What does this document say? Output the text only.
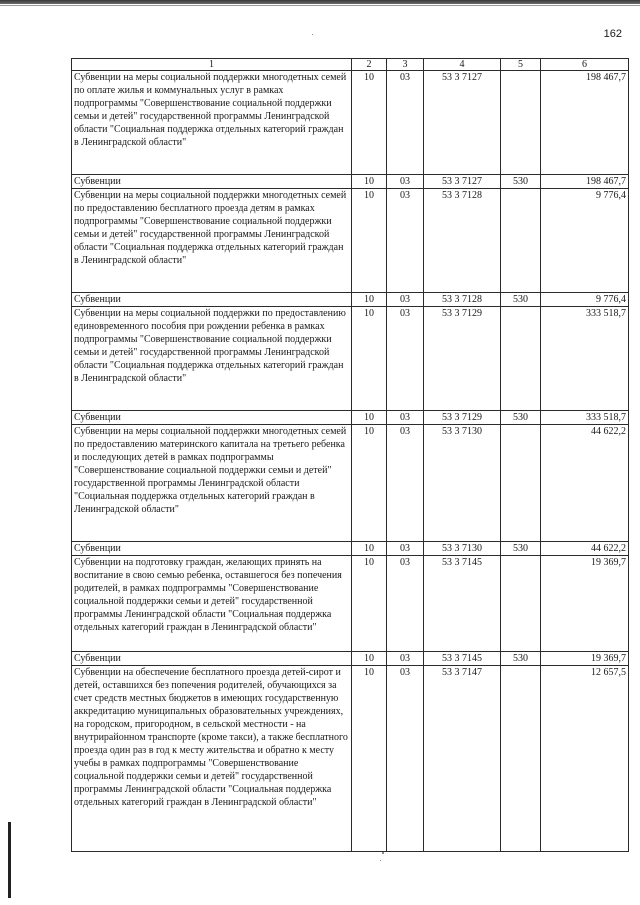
162
1	2	3	4	5	6
Субвенции на меры социальной поддержки многодетных семей по оплате жилья и коммунальных услуг в рамках подпрограммы "Совершенствование социальной поддержки семьи и детей" государственной программы Ленинградской области "Социальная поддержка отдельных категорий граждан в Ленинградской области"	10	03	53 3 7127		198 467,7
Субвенции	10	03	53 3 7127	530	198 467,7
Субвенции на меры социальной поддержки многодетных семей по предоставлению бесплатного проезда детям в рамках подпрограммы "Совершенствование социальной поддержки семьи и детей" государственной программы Ленинградской области "Социальная поддержка отдельных категорий граждан в Ленинградской области"	10	03	53 3 7128		9 776,4
Субвенции	10	03	53 3 7128	530	9 776,4
Субвенции на меры социальной поддержки по предоставлению единовременного пособия при рождении ребенка в рамках подпрограммы "Совершенствование социальной поддержки семьи и детей" государственной программы Ленинградской области "Социальная поддержка отдельных категорий граждан в Ленинградской области"	10	03	53 3 7129		333 518,7
Субвенции	10	03	53 3 7129	530	333 518,7
Субвенции на меры социальной поддержки многодетных семей по предоставлению материнского капитала на третьего ребенка и последующих детей в рамках подпрограммы "Совершенствование социальной поддержки семьи и детей" государственной программы Ленинградской области "Социальная поддержка отдельных категорий граждан в Ленинградской области"	10	03	53 3 7130		44 622,2
Субвенции	10	03	53 3 7130	530	44 622,2
Субвенции на подготовку граждан, желающих принять на воспитание в свою семью ребенка, оставшегося без попечения родителей, в рамках подпрограммы "Совершенствование социальной поддержки семьи и детей" государственной программы Ленинградской области "Социальная поддержка отдельных категорий граждан в Ленинградской области"	10	03	53 3 7145		19 369,7
Субвенции	10	03	53 3 7145	530	19 369,7
Субвенции на обеспечение бесплатного проезда детей-сирот и детей, оставшихся без попечения родителей, обучающихся за счет средств местных бюджетов в имеющих государственную аккредитацию муниципальных образовательных учреждениях, на городском, пригородном, в сельской местности - на внутрирайонном транспорте (кроме такси), а также бесплатного проезда один раз в год к месту жительства и обратно к месту учебы в рамках подпрограммы "Совершенствование социальной поддержки семьи и детей" государственной программы Ленинградской области "Социальная поддержка отдельных категорий граждан в Ленинградской области"	10	03	53 3 7147		12 657,5
